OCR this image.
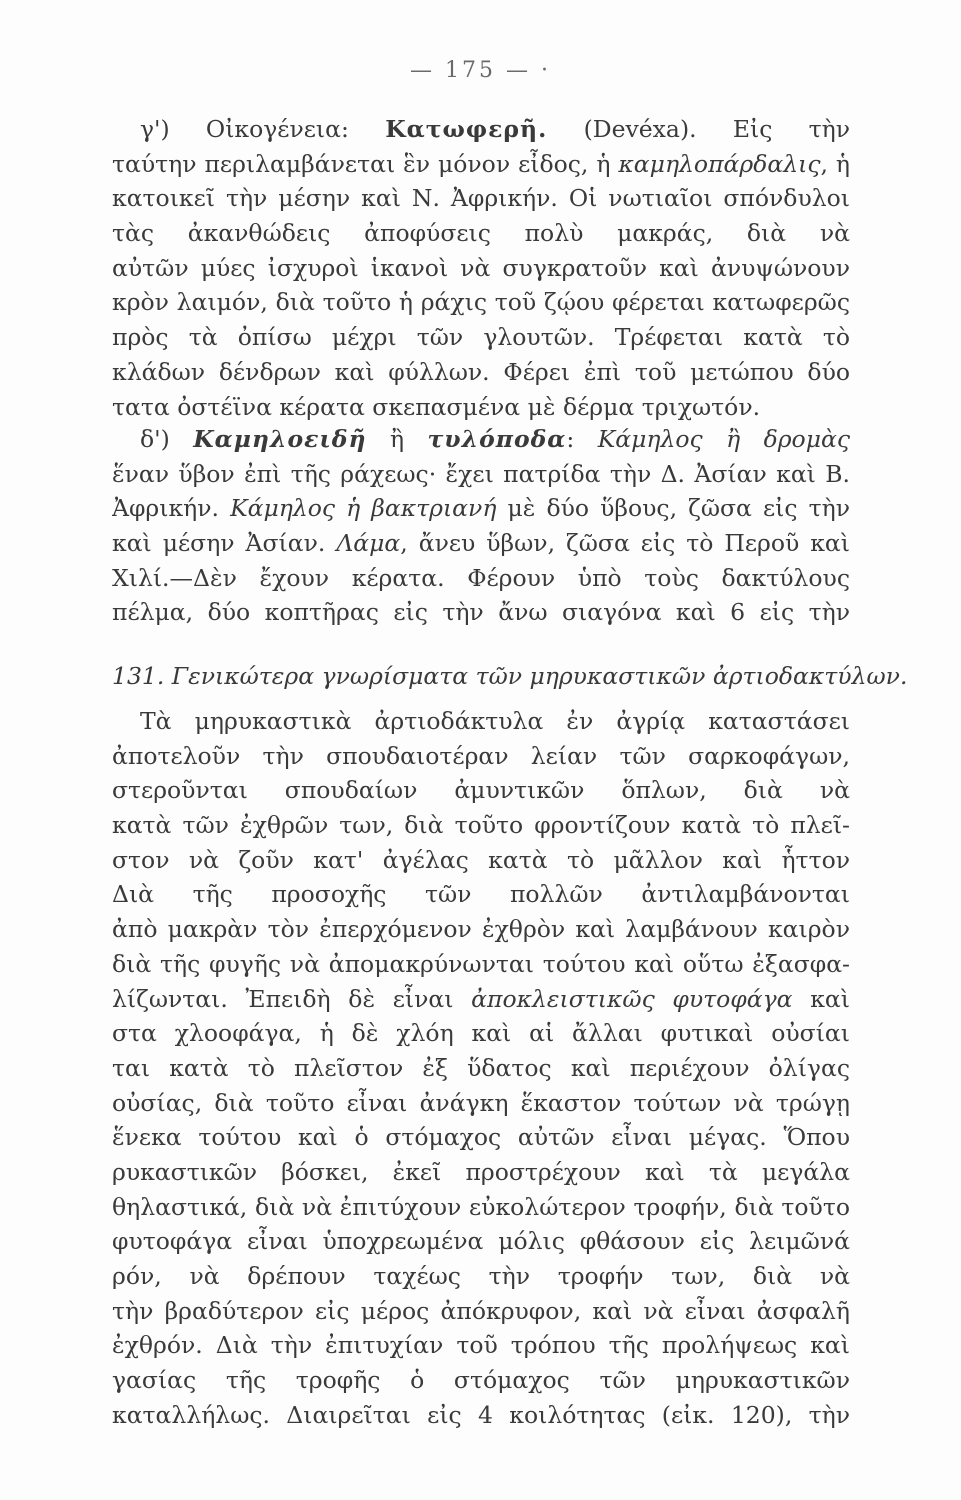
— 175 — ·
γ') Οἰκογένεια: Κατωφερῆ. (Devéxa). Εἰς τὴν
ταύτην περιλαμβάνεται ἓν μόνον εἶδος, ἡ καμηλοπάρδαλις, ἡ
κατοικεῖ τὴν μέσην καὶ Ν. Ἀφρικήν. Οἱ νωτιαῖοι σπόνδυλοι
τὰς ἀκανθώδεις ἀποφύσεις πολὺ μακράς, διὰ νὰ
αὐτῶν μύες ἰσχυροὶ ἱκανοὶ νὰ συγκρατοῦν καὶ ἀνυψώνουν
κρὸν λαιμόν, διὰ τοῦτο ἡ ράχις τοῦ ζῴου φέρεται κατωφερῶς
πρὸς τὰ ὀπίσω μέχρι τῶν γλουτῶν. Τρέφεται κατὰ τὸ
κλάδων δένδρων καὶ φύλλων. Φέρει ἐπὶ τοῦ μετώπου δύο
τατα ὀστέϊνα κέρατα σκεπασμένα μὲ δέρμα τριχωτόν.
δ') Καμηλοειδῆ ἢ τυλόποδα: Κάμηλος ἢ δρομὰς
ἕναν ὕβον ἐπὶ τῆς ράχεως· ἔχει πατρίδα τὴν Δ. Ἀσίαν καὶ Β.
Ἀφρικήν. Κάμηλος ἡ βακτριανή μὲ δύο ὕβους, ζῶσα εἰς τὴν
καὶ μέσην Ἀσίαν. Λάμα, ἄνευ ὕβων, ζῶσα εἰς τὸ Περοῦ καὶ
Χιλί.—Δὲν ἔχουν κέρατα. Φέρουν ὑπὸ τοὺς δακτύλους
πέλμα, δύο κοπτῆρας εἰς τὴν ἄνω σιαγόνα καὶ 6 εἰς τὴν
131. Γενικώτερα γνωρίσματα τῶν μηρυκαστικῶν ἀρτιοδακτύλων.
Τὰ μηρυκαστικὰ ἀρτιοδάκτυλα ἐν ἀγρίᾳ καταστάσει
ἀποτελοῦν τὴν σπουδαιοτέραν λείαν τῶν σαρκοφάγων,
στεροῦνται σπουδαίων ἀμυντικῶν ὅπλων, διὰ νὰ
κατὰ τῶν ἐχθρῶν των, διὰ τοῦτο φροντίζουν κατὰ τὸ πλεῖ-
στον νὰ ζοῦν κατ' ἀγέλας κατὰ τὸ μᾶλλον καὶ ἧττον
Διὰ τῆς προσοχῆς τῶν πολλῶν ἀντιλαμβάνονται
ἀπὸ μακρὰν τὸν ἐπερχόμενον ἐχθρὸν καὶ λαμβάνουν καιρὸν
διὰ τῆς φυγῆς νὰ ἀπομακρύνωνται τούτου καὶ οὕτω ἐξασφα-
λίζωνται. Ἐπειδὴ δὲ εἶναι ἀποκλειστικῶς φυτοφάγα καὶ
στα χλοοφάγα, ἡ δὲ χλόη καὶ αἱ ἄλλαι φυτικαὶ οὐσίαι
ται κατὰ τὸ πλεῖστον ἐξ ὕδατος καὶ περιέχουν ὀλίγας
οὐσίας, διὰ τοῦτο εἶναι ἀνάγκη ἕκαστον τούτων νὰ τρώγῃ
ἕνεκα τούτου καὶ ὁ στόμαχος αὐτῶν εἶναι μέγας. Ὅπου
ρυκαστικῶν βόσκει, ἐκεῖ προστρέχουν καὶ τὰ μεγάλα
θηλαστικά, διὰ νὰ ἐπιτύχουν εὐκολώτερον τροφήν, διὰ τοῦτο
φυτοφάγα εἶναι ὑποχρεωμένα μόλις φθάσουν εἰς λειμῶνά
ρόν, νὰ δρέπουν ταχέως τὴν τροφήν των, διὰ νὰ
τὴν βραδύτερον εἰς μέρος ἀπόκρυφον, καὶ νὰ εἶναι ἀσφαλῆ
ἐχθρόν. Διὰ τὴν ἐπιτυχίαν τοῦ τρόπου τῆς προλήψεως καὶ
γασίας τῆς τροφῆς ὁ στόμαχος τῶν μηρυκαστικῶν
καταλλήλως. Διαιρεῖται εἰς 4 κοιλότητας (εἰκ. 120), τὴν
